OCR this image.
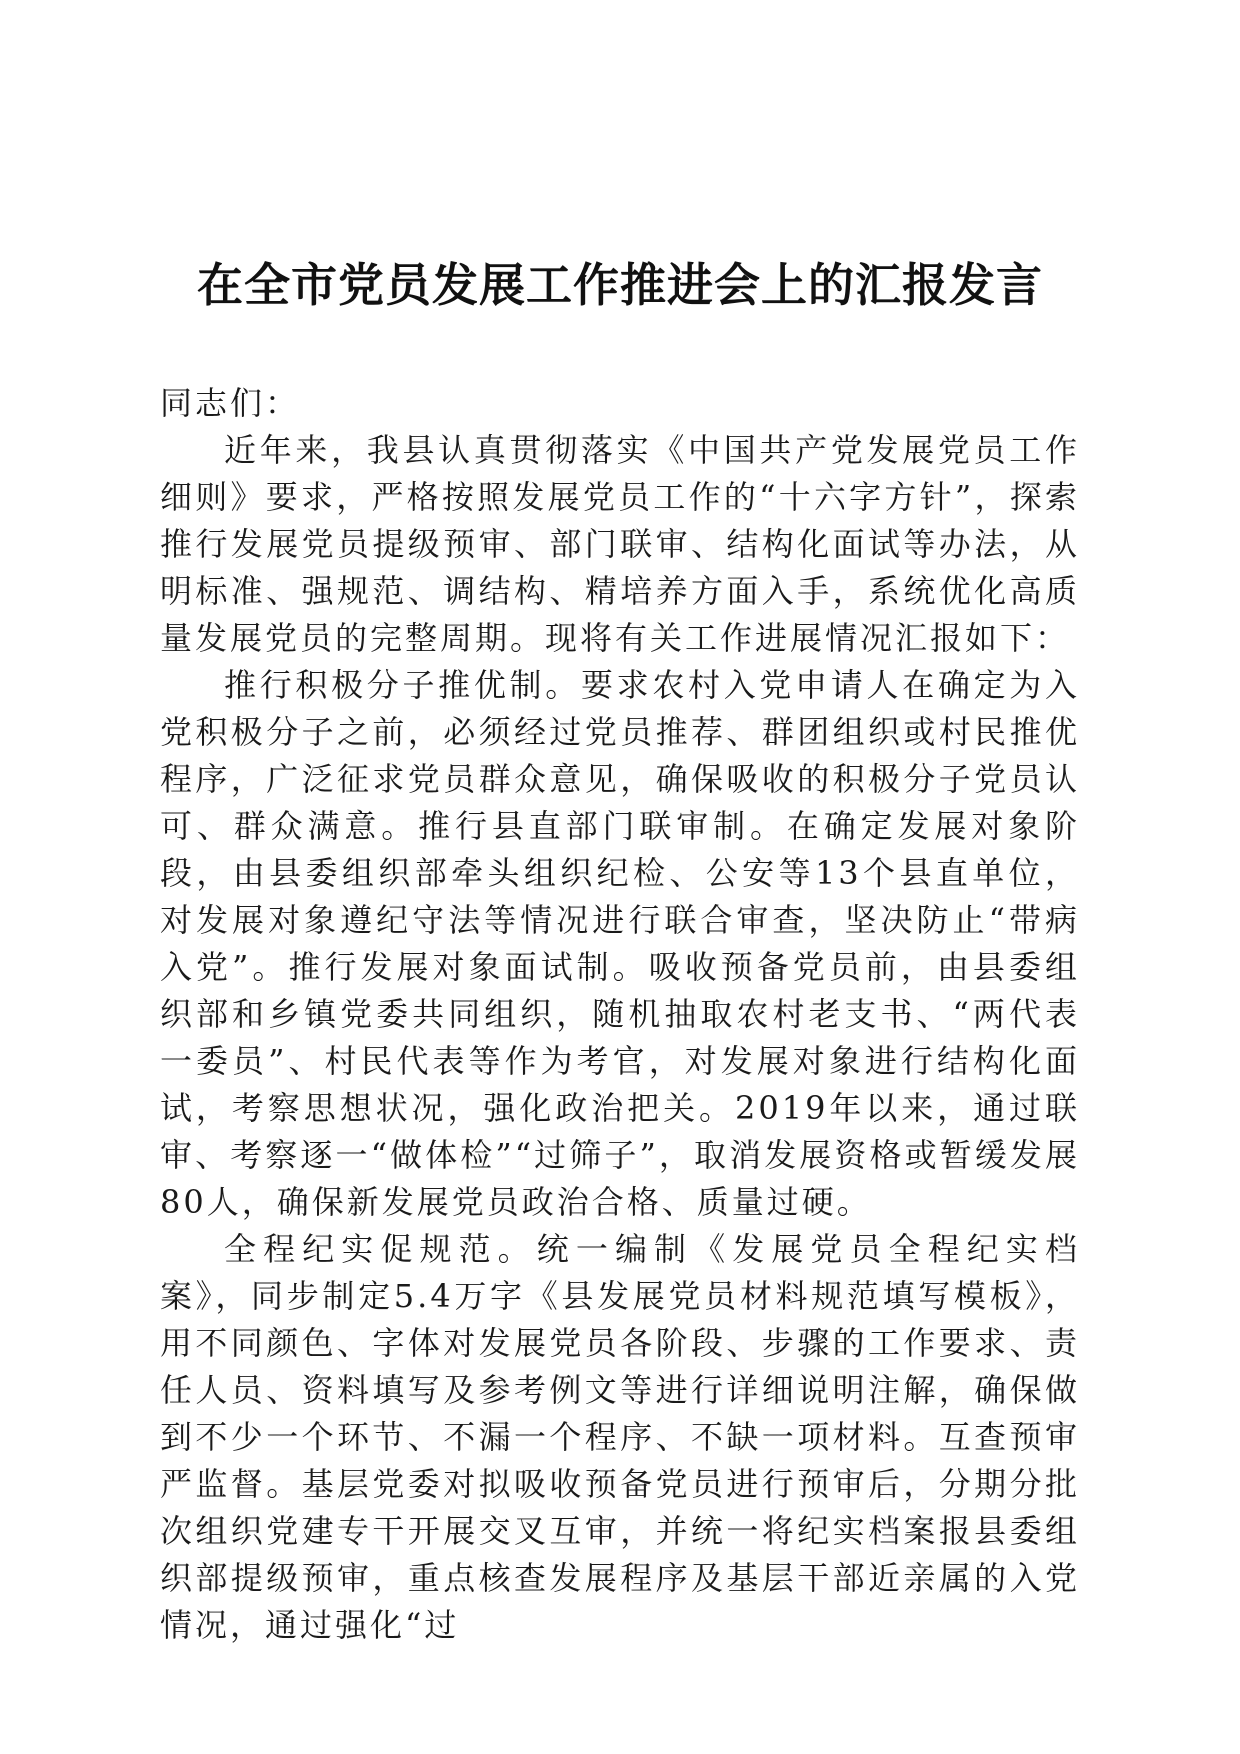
在全市党员发展工作推进会上的汇报发言

同志们：

近年来，我县认真贯彻落实《中国共产党发展党员工作细则》要求，严格按照发展党员工作的“十六字方针”，探索推行发展党员提级预审、部门联审、结构化面试等办法，从明标准、强规范、调结构、精培养方面入手，系统优化高质量发展党员的完整周期。现将有关工作进展情况汇报如下：

推行积极分子推优制。要求农村入党申请人在确定为入党积极分子之前，必须经过党员推荐、群团组织或村民推优程序，广泛征求党员群众意见，确保吸收的积极分子党员认可、群众满意。推行县直部门联审制。在确定发展对象阶段，由县委组织部牵头组织纪检、公安等13个县直单位，对发展对象遵纪守法等情况进行联合审查，坚决防止“带病入党”。推行发展对象面试制。吸收预备党员前，由县委组织部和乡镇党委共同组织，随机抽取农村老支书、“两代表一委员”、村民代表等作为考官，对发展对象进行结构化面试，考察思想状况，强化政治把关。2019年以来，通过联审、考察逐一“做体检”“过筛子”，取消发展资格或暂缓发展80人，确保新发展党员政治合格、质量过硬。

全程纪实促规范。统一编制《发展党员全程纪实档案》，同步制定5.4万字《县发展党员材料规范填写模板》，用不同颜色、字体对发展党员各阶段、步骤的工作要求、责任人员、资料填写及参考例文等进行详细说明注解，确保做到不少一个环节、不漏一个程序、不缺一项材料。互查预审严监督。基层党委对拟吸收预备党员进行预审后，分期分批次组织党建专干开展交叉互审，并统一将纪实档案报县委组织部提级预审，重点核查发展程序及基层干部近亲属的入党情况，通过强化“过
